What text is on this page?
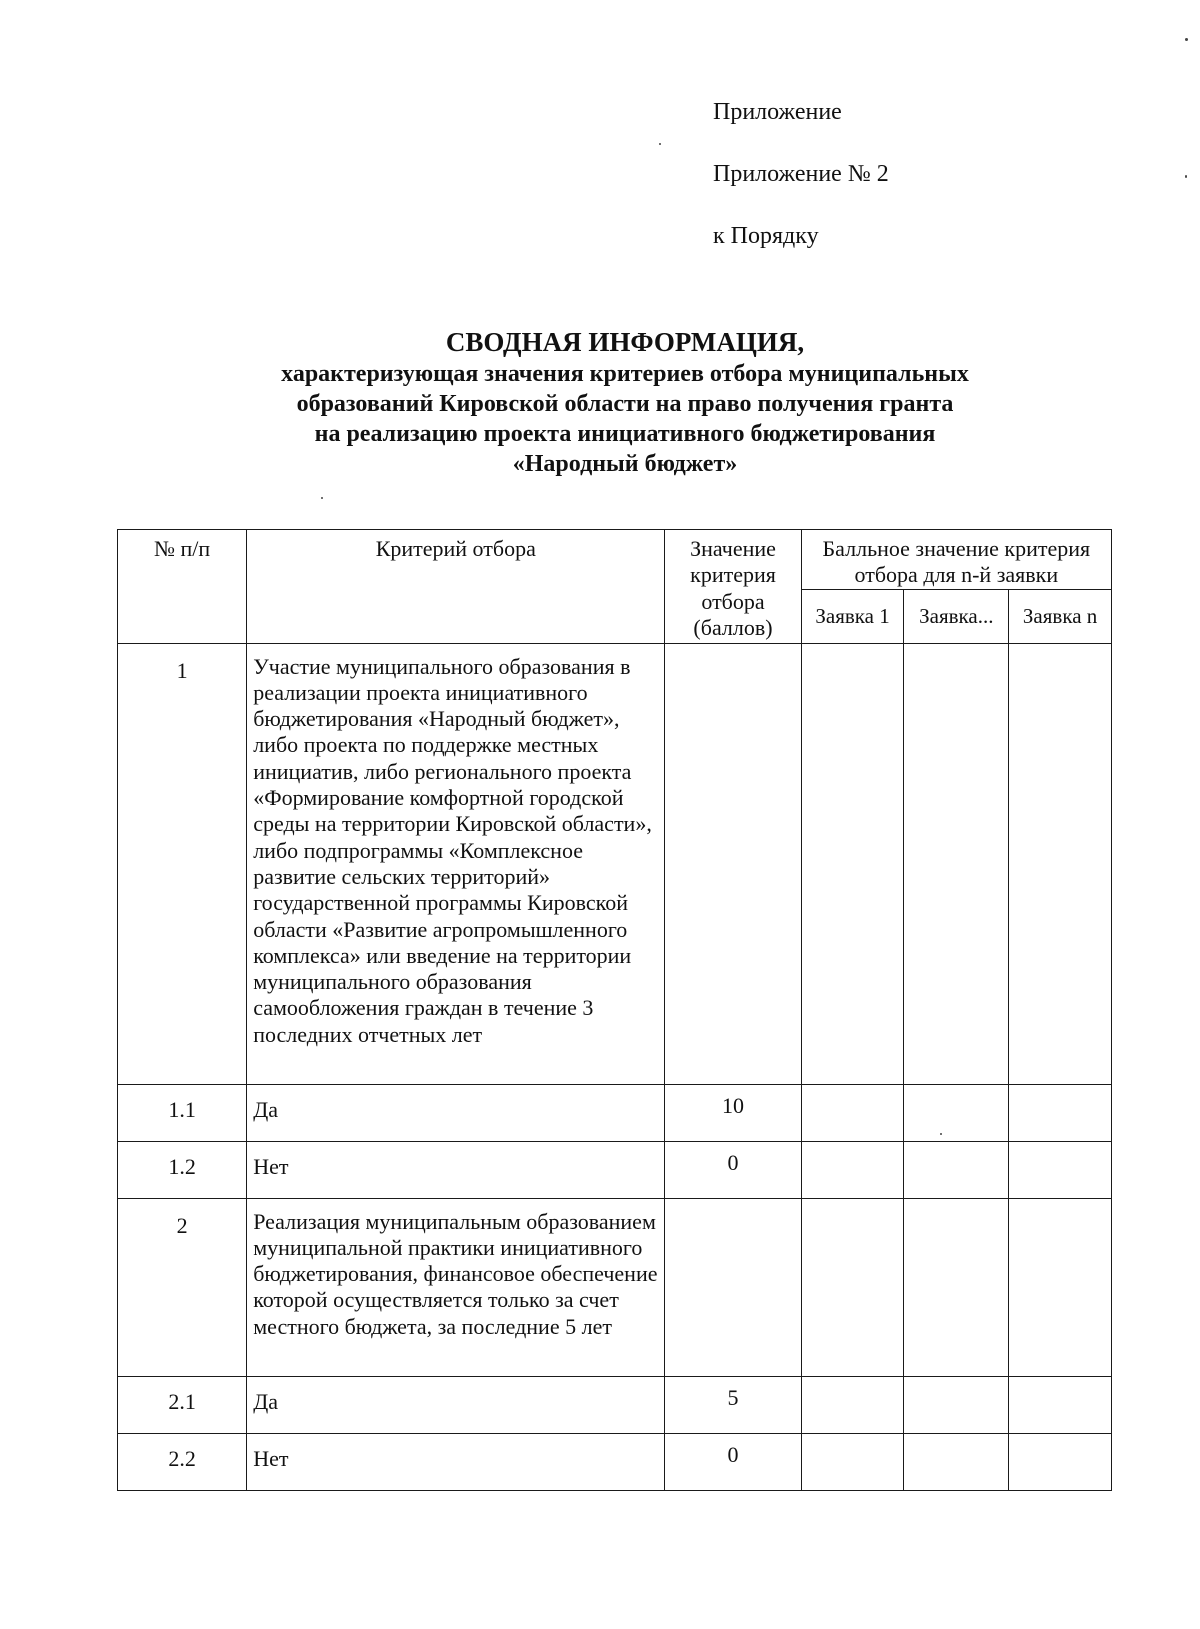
Приложение
Приложение № 2
к Порядку
СВОДНАЯ ИНФОРМАЦИЯ,
характеризующая значения критериев отбора муниципальных
образований Кировской области на право получения гранта
на реализацию проекта инициативного бюджетирования
«Народный бюджет»
№ п/п	Критерий отбора	Значение критерия отбора (баллов)	Балльное значение критерия отбора для n-й заявки		
			Заявка 1	Заявка...	Заявка n
1	Участие муниципального образования в реализации проекта инициативного бюджетирования «Народный бюджет», либо проекта по поддержке местных инициатив, либо регионального проекта «Формирование комфортной городской среды на территории Кировской области», либо подпрограммы «Комплексное развитие сельских территорий» государственной программы Кировской области «Развитие агропромышленного комплекса» или введение на территории муниципального образования самообложения граждан в течение 3 последних отчетных лет				
1.1	Да	10			
1.2	Нет	0			
2	Реализация муниципальным образованием муниципальной практики инициативного бюджетирования, финансовое обеспечение которой осуществляется только за счет местного бюджета, за последние 5 лет				
2.1	Да	5			
2.2	Нет	0			
